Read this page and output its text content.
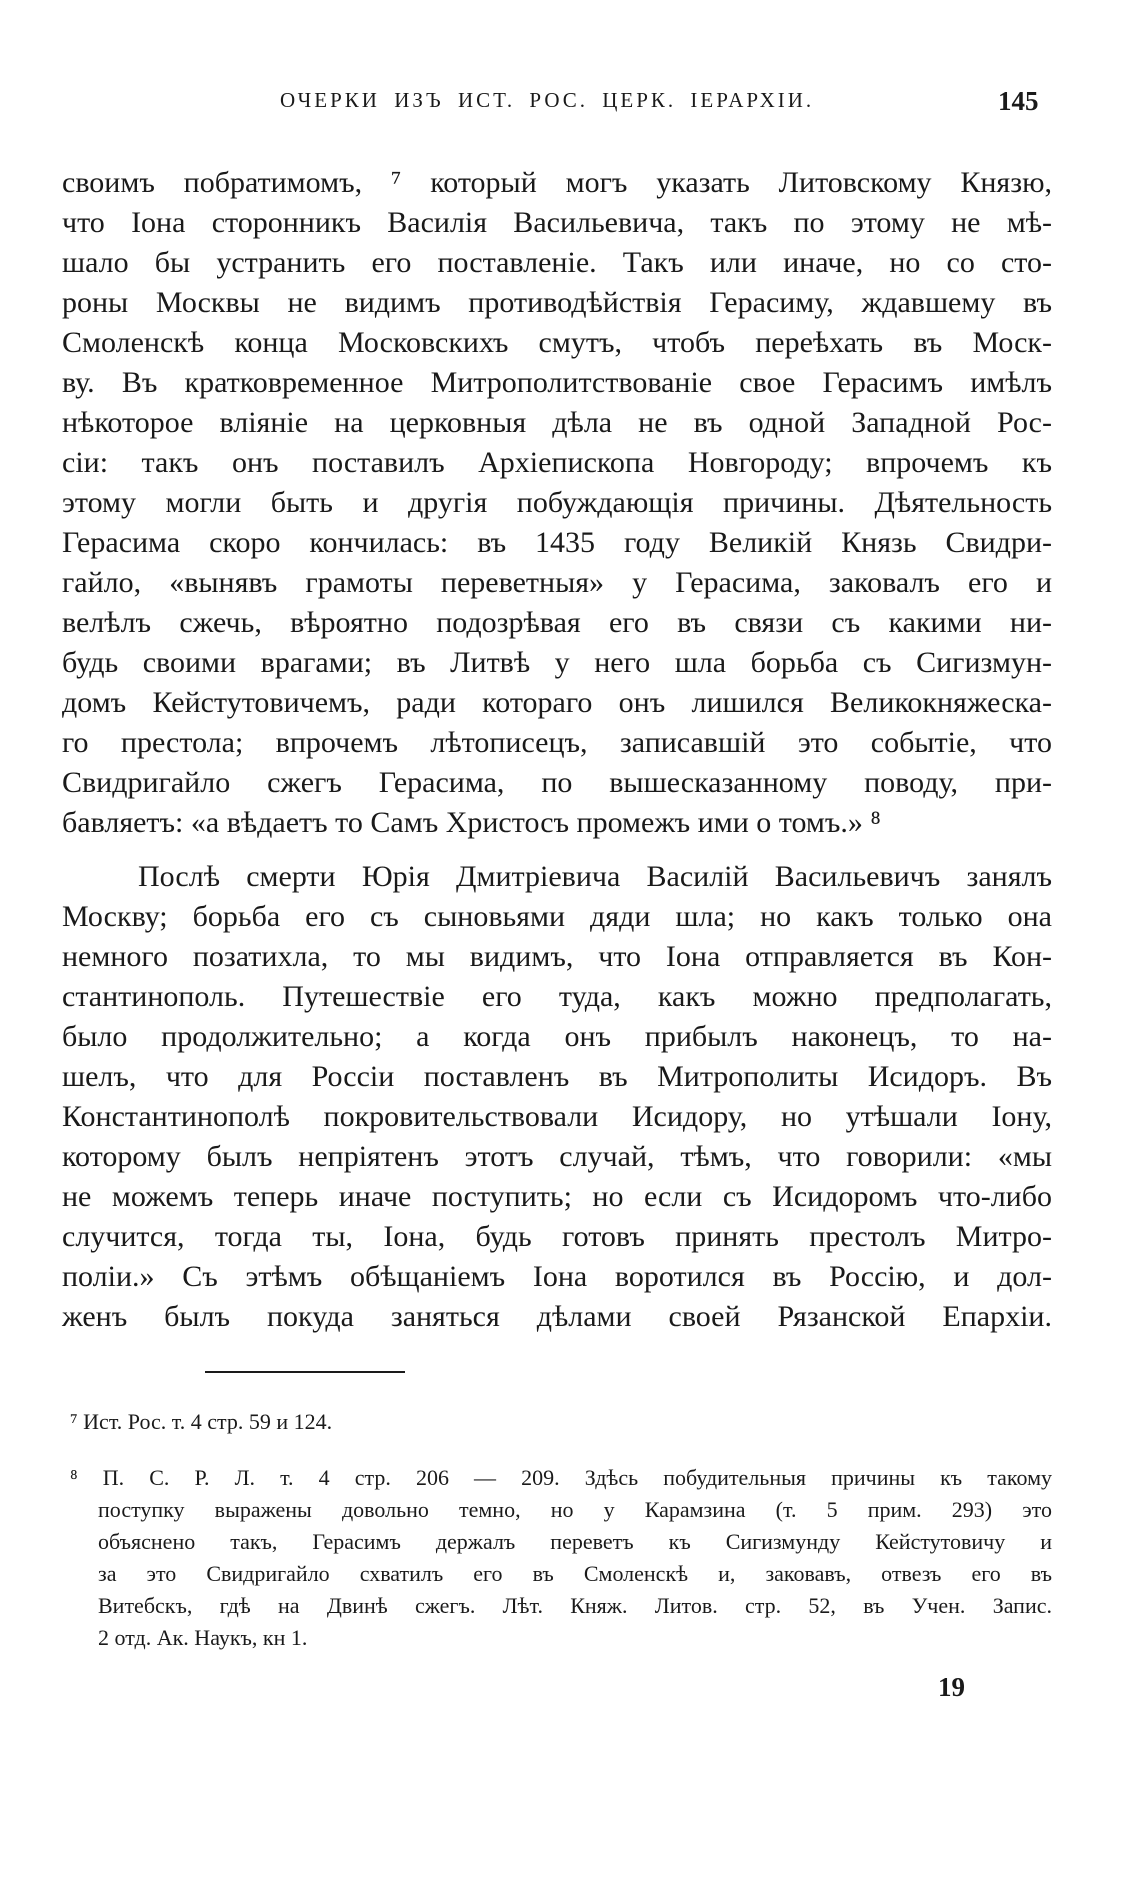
ОЧЕРКИ ИЗЪ ИСТ. РОС. ЦЕРК. ІЕРАРХІИ.	145
своимъ побратимомъ, ⁷ который могъ указать Литовскому Князю,
что Іона сторонникъ Василія Васильевича, такъ по этому не мѣ-
шало бы устранить его поставленіе. Такъ или иначе, но со сто-
роны Москвы не видимъ противодѣйствія Герасиму, ждавшему въ
Смоленскѣ конца Московскихъ смутъ, чтобъ переѣхать въ Моск-
ву. Въ кратковременное Митрополитствованіе свое Герасимъ имѣлъ
нѣкоторое вліяніе на церковныя дѣла не въ одной Западной Рос-
сіи: такъ онъ поставилъ Архіепископа Новгороду; впрочемъ къ
этому могли быть и другія побуждающія причины. Дѣятельность
Герасима скоро кончилась: въ 1435 году Великій Князь Свидри-
гайло, «вынявъ грамоты переветныя» у Герасима, заковалъ его и
велѣлъ сжечь, вѣроятно подозрѣвая его въ связи съ какими ни-
будь своими врагами; въ Литвѣ у него шла борьба съ Сигизмун-
домъ Кейстутовичемъ, ради котораго онъ лишился Великокняжеска-
го престола; впрочемъ лѣтописецъ, записавшій это событіе, что
Свидригайло сжегъ Герасима, по вышесказанному поводу, при-
бавляетъ: «а вѣдаетъ то Самъ Христосъ промежъ ими о томъ.» ⁸
Послѣ смерти Юрія Дмитріевича Василій Васильевичъ занялъ
Москву; борьба его съ сыновьями дяди шла; но какъ только она
немного позатихла, то мы видимъ, что Іона отправляется въ Кон-
стантинополь. Путешествіе его туда, какъ можно предполагать,
было продолжительно; а когда онъ прибылъ наконецъ, то на-
шелъ, что для Россіи поставленъ въ Митрополиты Исидоръ. Въ
Константинополѣ покровительствовали Исидору, но утѣшали Іону,
которому былъ непріятенъ этотъ случай, тѣмъ, что говорили: «мы
не можемъ теперь иначе поступить; но если съ Исидоромъ что-либо
случится, тогда ты, Іона, будь готовъ принять престолъ Митро-
поліи.» Съ этѣмъ обѣщаніемъ Іона воротился въ Россію, и дол-
женъ былъ покуда заняться дѣлами своей Рязанской Епархіи.
⁷ Ист. Рос. т. 4 стр. 59 и 124.
⁸ П. С. Р. Л. т. 4 стр. 206 — 209. Здѣсь побудительныя причины къ такому
поступку выражены довольно темно, но у Карамзина (т. 5 прим. 293) это
объяснено такъ, Герасимъ держалъ переветъ къ Сигизмунду Кейстутовичу и
за это Свидригайло схватилъ его въ Смоленскѣ и, заковавъ, отвезъ его въ
Витебскъ, гдѣ на Двинѣ сжегъ. Лѣт. Княж. Литов. стр. 52, въ Учен. Запис.
2 отд. Ак. Наукъ, кн 1.
19
